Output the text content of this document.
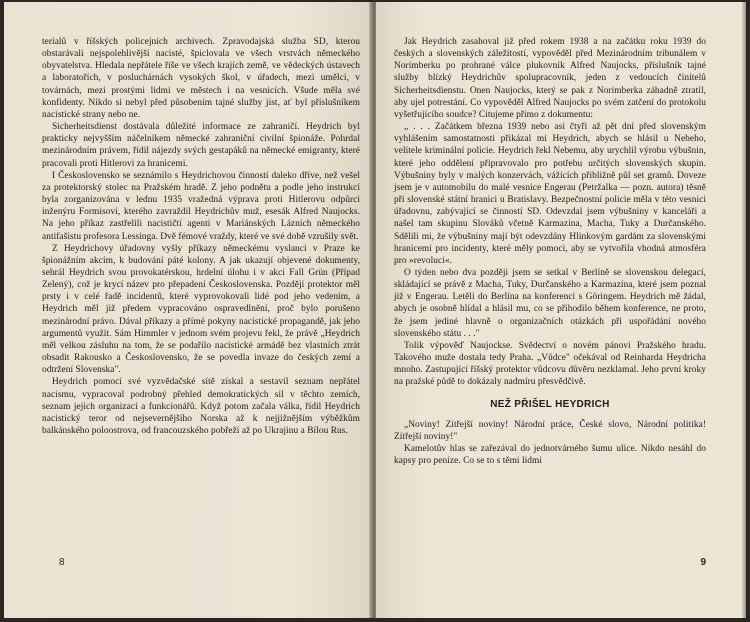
terialů v říšských policejních archivech. Zpravodajská služba SD, kterou obstarávali nejspolehlivější nacisté, špiclovala ve všech vrstvách německého obyvatelstva. Hledala nepřátele říše ve všech krajích země, ve vědeckých ústavech a laboratořích, v posluchárnách vysokých škol, v úřadech, mezi umělci, v továrnách, mezi prostými lidmi ve městech i na vesnicích. Všude měla své konfidenty. Nikdo si nebyl před působením tajné služby jist, ať byl příslušníkem nacistické strany nebo ne.

Sicherheitsdienst dostávala důležité informace ze zahraničí. Heydrich byl prakticky nejvyšším náčelníkem německé zahraniční civilní špionáže. Pohrdal mezinárodním právem, řídil nájezdy svých gestapáků na německé emigranty, které pracovali proti Hitlerovi za hranicemi.

I Československo se seznámilo s Heydrichovou činností daleko dříve, než vešel za protektorský stolec na Pražském hradě. Z jeho podnětu a podle jeho instrukcí byla zorganizována v lednu 1935 vražedná výprava proti Hitlerovu odpůrci inženýru Formisovi, kterého zavraždil Heydrichův muž, esesák Alfred Naujocks. Na jeho příkaz zastřelili nacističtí agenti v Mariánských Lázních německého antifašistu profesora Lessinga. Dvě fémové vraždy, které ve své době vzrušily svět.

Z Heydrichovy úřadovny vyšly příkazy německému vyslanci v Praze ke špionážním akcím, k budování páté kolony. A jak ukazují objevené dokumenty, sehrál Heydrich svou provokatérskou, hrdelní úlohu i v akci Fall Grün (Případ Zelený), což je krycí název pro přepadení Československa. Později protektor měl prsty i v celé řadě incidentů, které vyprovokovali lidé pod jeho vedením, a Heydrich měl již předem vypracováno ospravedlnění, proč bylo porušeno mezinárodní právo. Dával příkazy a přímé pokyny nacistické propagandě, jak jeho argumentů využít. Sám Himmler v jednom svém projevu řekl, že právě „Heydrich měl velkou zásluhu na tom, že se podařilo nacistické armádě bez vlastních ztrát obsadit Rakousko a Československo, že se povedla invaze do českých zemí a odtržení Slovenska".

Heydrich pomocí své vyzvědačské sítě získal a sestavil seznam nepřátel nacismu, vypracoval podrobný přehled demokratických sil v těchto zemích, seznam jejich organizací a funkcionářů. Když potom začala válka, řídil Heydrich nacistický teror od nejsevernějšího Norska až k nejjižnějším výběžkům balkánského poloostrova, od francouzského pobřeží až po Ukrajinu a Bílou Rus.

8

Jak Heydrich zasahoval již před rokem 1938 a na začátku roku 1939 do českých a slovenských záležitostí, vypověděl před Mezinárodním tribunálem v Norimberku po prohrané válce plukovník Alfred Naujocks, příslušník tajné služby blízký Heydrichův spolupracovník, jeden z vedoucích činitelů Sicherheitsdienstu. Onen Naujocks, který se pak z Norimberka záhadně ztratil, aby ujel potrestání. Co vypověděl Alfred Naujocks po svém zatčení do protokolu vyšetřujícího soudce? Citujeme přímo z dokumentu:

„ . . . Začátkem března 1939 nebo asi čtyři až pět dní před slovenským vyhlášením samostatnosti přikázal mi Heydrich, abych se hlásil u Nebeho, velitele kriminální policie. Heydrich řekl Nebemu, aby urychlil výrobu výbušnin, které jeho oddělení připravovalo pro potřebu určitých slovenských skupin. Výbušniny byly v malých konzervách, vážících přibližně půl set gramů. Doveze jsem je v automobilu do malé vesnice Engerau (Petržalka — pozn. autora) těsně při slovenské státní hranici u Bratislavy. Bezpečnostní policie měla v této vesnici úřadovnu, zabývající se činností SD. Odevzdal jsem výbušniny v kanceláři a našel tam skupinu Slováků včetně Karmazína, Macha, Tuky a Durčanského. Sdělili mi, že výbušniny mají být odevzdány Hlinkovým gardám za slovenskými hranicemi pro incidenty, které měly pomoci, aby se vytvořila vhodná atmosféra pro »revoluci«.

O týden nebo dva později jsem se setkal v Berlíně se slovenskou delegací, skládající se právě z Macha, Tuky, Durčanského a Karmazína, které jsem poznal již v Engerau. Letěli do Berlína na konferenci s Göringem. Heydrich mě žádal, abych je osobně hlídal a hlásil mu, co se přihodilo během konference, ne proto, že jsem jediné hlavně o organizačních otázkách při uspořádání nového slovenského státu . . ."

Tolik výpověď Naujockse. Svědectví o novém pánovi Pražského hradu. Takového muže dostala tedy Praha. „Vůdce" očekával od Reinharda Heydricha mnoho. Zastupující říšský protektor vůdcovu důvěru nezklamal. Jeho první kroky na pražské půdě to dokázaly nadmíru přesvědčivě.

NEŽ PŘIŠEL HEYDRICH

„Noviny! Zítřejší noviny! Národní práce, České slovo, Národní politika! Zítřejší noviny!"

Kamelotův hlas se zařezával do jednotvárného šumu ulice. Nikdo nesáhl do kapsy pro peníze. Co se to s těmi lidmi

9
